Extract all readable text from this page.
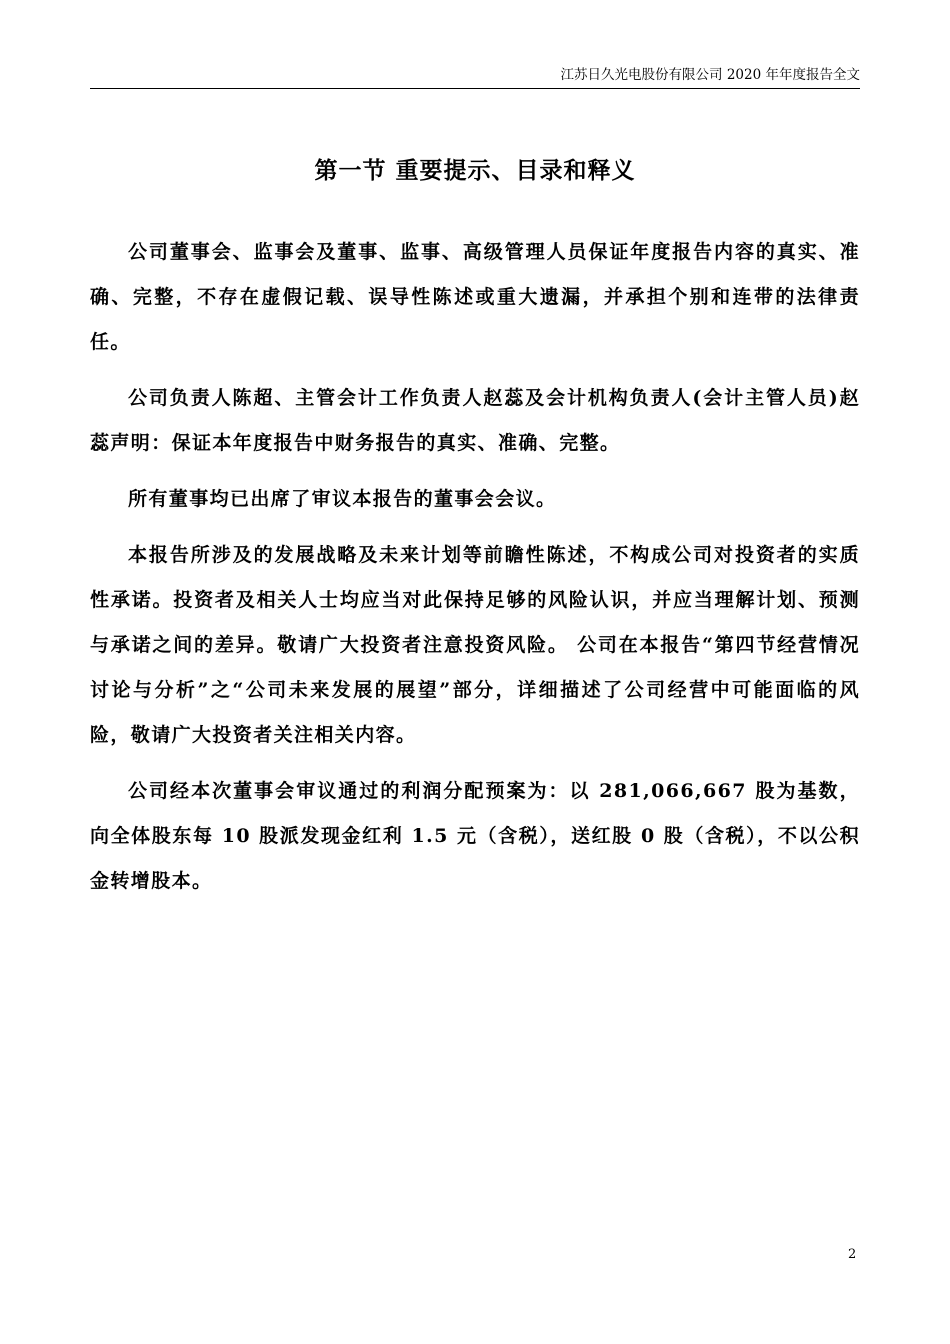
江苏日久光电股份有限公司 2020 年年度报告全文
第一节 重要提示、目录和释义

公司董事会、监事会及董事、监事、高级管理人员保证年度报告内容的真实、准确、完整，不存在虚假记载、误导性陈述或重大遗漏，并承担个别和连带的法律责任。

公司负责人陈超、主管会计工作负责人赵蕊及会计机构负责人(会计主管人员)赵蕊声明：保证本年度报告中财务报告的真实、准确、完整。

所有董事均已出席了审议本报告的董事会会议。

本报告所涉及的发展战略及未来计划等前瞻性陈述，不构成公司对投资者的实质性承诺。投资者及相关人士均应当对此保持足够的风险认识，并应当理解计划、预测与承诺之间的差异。敬请广大投资者注意投资风险。 公司在本报告“第四节经营情况讨论与分析”之“公司未来发展的展望”部分，详细描述了公司经营中可能面临的风险，敬请广大投资者关注相关内容。

公司经本次董事会审议通过的利润分配预案为：以 281,066,667 股为基数，向全体股东每 10 股派发现金红利 1.5 元（含税），送红股 0 股（含税），不以公积金转增股本。

2
